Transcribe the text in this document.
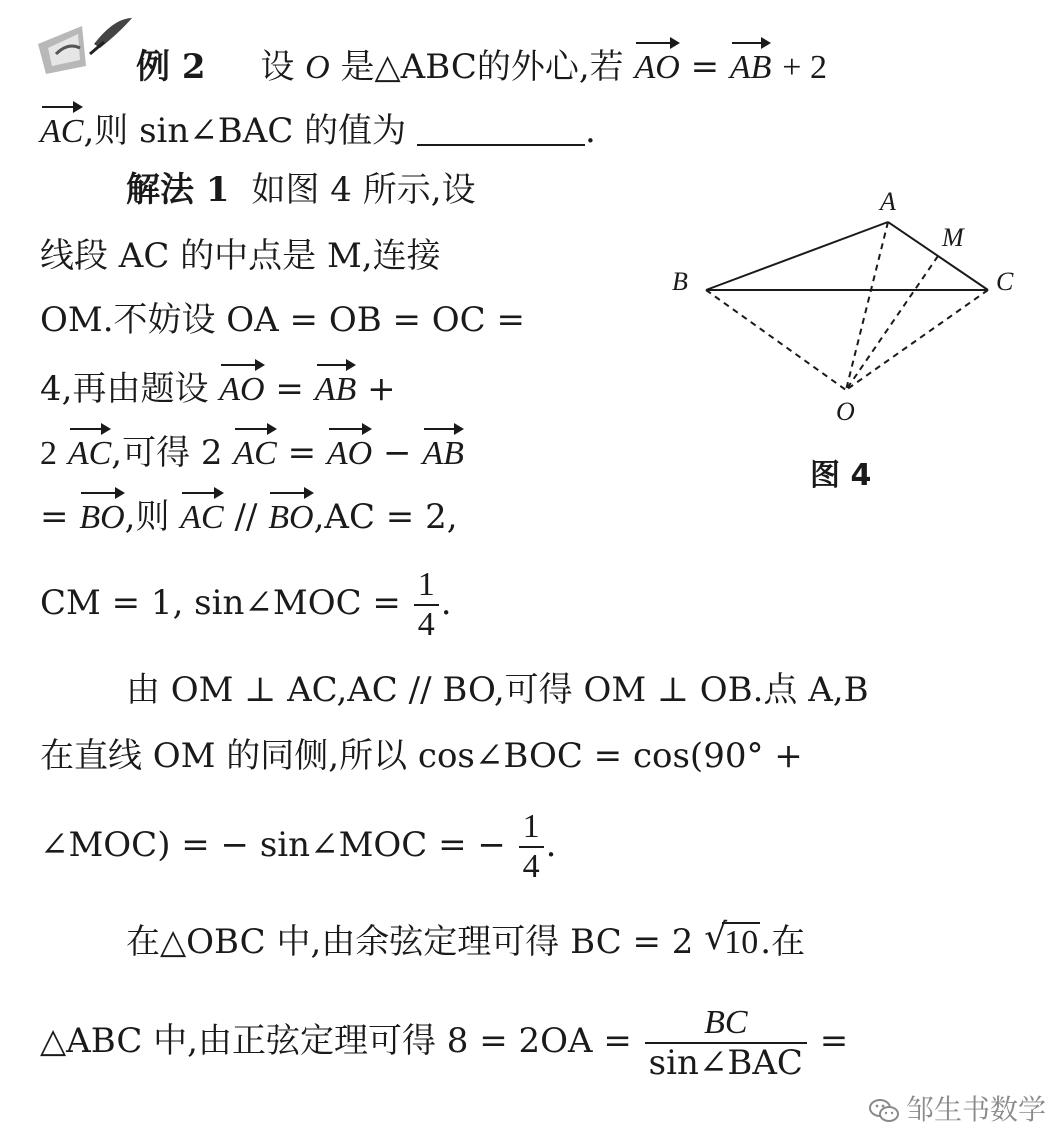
例 2 设 O 是△ABC的外心,若 AO = AB + 2
AC,则 sin∠BAC 的值为	.
解法 1 如图 4 所示,设
线段 AC 的中点是 M,连接
OM.不妨设 OA = OB = OC =
4,再由题设 AO = AB +
2 AC,可得 2 AC = AO − AB
= BO,则 AC // BO,AC = 2,
CM = 1, sin∠MOC = $\frac{1}{4}$ .
由 OM ⊥ AC,AC // BO,可得 OM ⊥ OB.点 A,B
在直线 OM 的同侧,所以 cos∠BOC = cos(90° +
∠MOC) = − sin∠MOC = − $\frac{1}{4}$ .
在△OBC 中,由余弦定理可得 BC = 2 √
10.在
△ABC 中,由正弦定理可得 $8 = 2OA = \frac{BC}{\text{sin∠BAC}}$ =
A
M
B	C
O
图 4
邹生书数学
